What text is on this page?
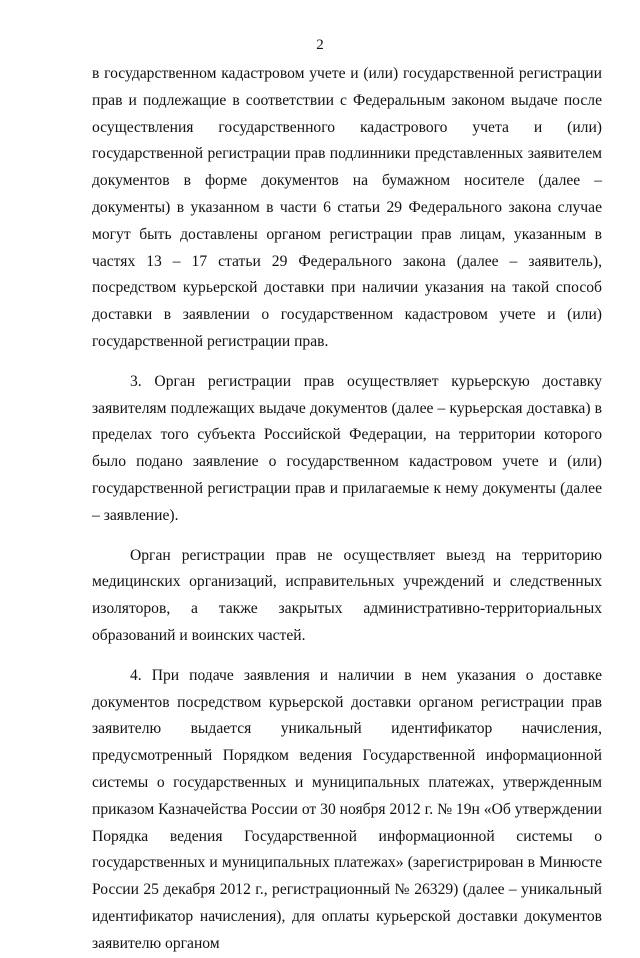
2

в государственном кадастровом учете и (или) государственной регистрации прав и подлежащие в соответствии с Федеральным законом выдаче после осуществления государственного кадастрового учета и (или) государственной регистрации прав подлинники представленных заявителем документов в форме документов на бумажном носителе (далее – документы) в указанном в части 6 статьи 29 Федерального закона случае могут быть доставлены органом регистрации прав лицам, указанным в частях 13 – 17 статьи 29 Федерального закона (далее – заявитель), посредством курьерской доставки при наличии указания на такой способ доставки в заявлении о государственном кадастровом учете и (или) государственной регистрации прав.

3. Орган регистрации прав осуществляет курьерскую доставку заявителям подлежащих выдаче документов (далее – курьерская доставка) в пределах того субъекта Российской Федерации, на территории которого было подано заявление о государственном кадастровом учете и (или) государственной регистрации прав и прилагаемые к нему документы (далее – заявление).

Орган регистрации прав не осуществляет выезд на территорию медицинских организаций, исправительных учреждений и следственных изоляторов, а также закрытых административно-территориальных образований и воинских частей.

4. При подаче заявления и наличии в нем указания о доставке документов посредством курьерской доставки органом регистрации прав заявителю выдается уникальный идентификатор начисления, предусмотренный Порядком ведения Государственной информационной системы о государственных и муниципальных платежах, утвержденным приказом Казначейства России от 30 ноября 2012 г. № 19н «Об утверждении Порядка ведения Государственной информационной системы о государственных и муниципальных платежах» (зарегистрирован в Минюсте России 25 декабря 2012 г., регистрационный № 26329) (далее – уникальный идентификатор начисления), для оплаты курьерской доставки документов заявителю органом
